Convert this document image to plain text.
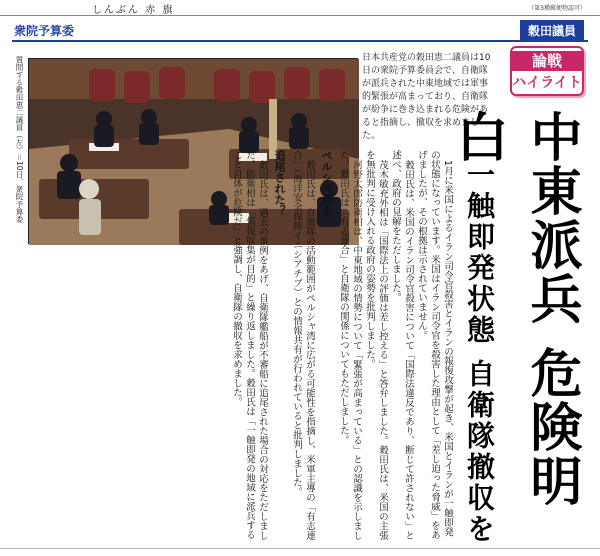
しんぶん 赤 旗	（第3種郵便物認可）
衆院予算委	穀田議員
論戦
ハイライト
質問する穀田恵二議員（左）＝10日、衆院予算委	日本共産党の穀田恵二議員は10日の衆院予算委員会で、自衛隊が派兵された中東地域では軍事的緊張が高まっており、自衛隊が紛争に巻き込まれる危険があると指摘し、撤収を求めました。	中東派兵 危険明白
一触即発状態 自衛隊撤収を

1月に米国によるイラン司令官殺害とイランの報復攻撃が起き、米国とイランが一触即発の状態になっています。米国はイラン司令官を殺害した理由として「差し迫った脅威」をあげましたが、その根拠は示されていません。

穀田氏は、米国のイラン司令官殺害について「国際法違反であり、断じて許されない」と述べ、政府の見解をただしました。

茂木敏充外相は「国際法上の評価は差し控える」と答弁しました。穀田氏は、米国の主張を無批判に受け入れる政府の姿勢を批判しました。

河野太郎防衛相は、中東地域の情勢について「緊張が高まっている」との認識を示しました。穀田氏は「有志連合」と自衛隊の関係についてもただしました。

ペルシャ湾も

穀田氏は、自衛隊の活動範囲がペルシャ湾に広がる可能性を指摘し、米軍主導の「有志連合」（海洋安全保障イニシアチブ）との情報共有が行われていると批判しました。

追尾された？

穀田氏は、過去の事例をあげ、自衛隊艦船が不審船に追尾された場合の対応をただしました。防衛相は「情報収集が目的」と繰り返しました。穀田氏は「一触即発の地域に派兵すること自体が危険だ」と強調し、自衛隊の撤収を求めました。
